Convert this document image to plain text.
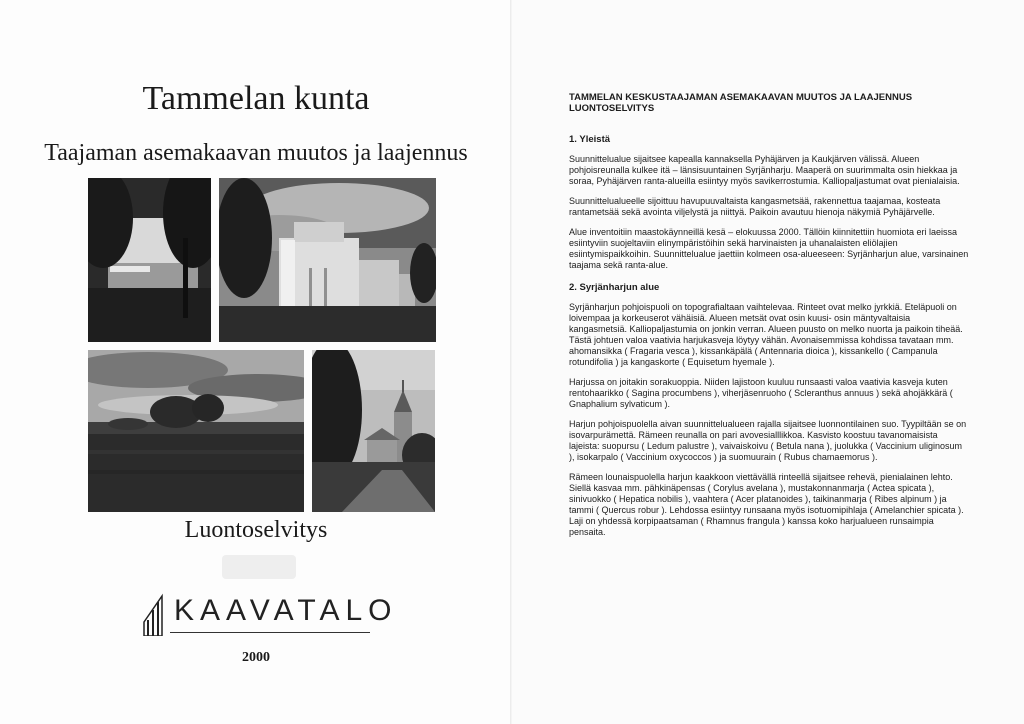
Tammelan kunta
Taajaman asemakaavan muutos ja laajennus
Luontoselvitys
KAAVATALO
2000
TAMMELAN KESKUSTAAJAMAN ASEMAKAAVAN MUUTOS JA LAAJENNUS LUONTOSELVITYS
1. Yleistä

Suunnittelualue sijaitsee kapealla kannaksella Pyhäjärven ja Kaukjärven välissä. Alueen pohjoisreunalla kulkee itä – länsisuuntainen Syrjänharju. Maaperä on suurimmalta osin hiekkaa ja soraa, Pyhäjärven ranta-alueilla esiintyy myös savikerrostumia. Kalliopaljastumat ovat pienialaisia.

Suunnittelualueelle sijoittuu havupuuvaltaista kangasmetsää, rakennettua taajamaa, kosteata rantametsää sekä avointa viljelystä ja niittyä. Paikoin avautuu hienoja näkymiä Pyhäjärvelle.

Alue inventoitiin maastokäynneillä kesä – elokuussa 2000. Tällöin kiinnitettiin huomiota eri laeissa esiintyviin suojeltaviin elinympäristöihin sekä harvinaisten ja uhanalaisten eliölajien esiintymispaikkoihin. Suunnittelualue jaettiin kolmeen osa-alueeseen: Syrjänharjun alue, varsinainen taajama sekä ranta-alue.

2. Syrjänharjun alue

Syrjänharjun pohjoispuoli on topografialtaan vaihtelevaa. Rinteet ovat melko jyrkkiä. Eteläpuoli on loivempaa ja korkeuserot vähäisiä. Alueen metsät ovat osin kuusi- osin mäntyvaltaisia kangasmetsiä. Kalliopaljastumia on jonkin verran. Alueen puusto on melko nuorta ja paikoin tiheää. Tästä johtuen valoa vaativia harjukasveja löytyy vähän. Avonaisemmissa kohdissa tavataan mm. ahomansikka ( Fragaria vesca ), kissankäpälä ( Antennaria dioica ), kissankello ( Campanula rotundifolia ) ja kangaskorte ( Equisetum hyemale ).

Harjussa on joitakin sorakuoppia. Niiden lajistoon kuuluu runsaasti valoa vaativia kasveja kuten rentohaarikko ( Sagina procumbens ), viherjäsenruoho ( Scleranthus annuus ) sekä ahojäkkärä ( Gnaphalium sylvaticum ).

Harjun pohjoispuolella aivan suunnittelualueen rajalla sijaitsee luonnontilainen suo. Tyypiltään se on isovarpurämettä. Rämeen reunalla on pari avovesialllikkoa. Kasvisto koostuu tavanomaisista lajeista: suopursu ( Ledum palustre ), vaivaiskoivu ( Betula nana ), juolukka ( Vaccinium uliginosum ), isokarpalo ( Vaccinium oxycoccos ) ja suomuurain ( Rubus chamaemorus ).

Rämeen lounaispuolella harjun kaakkoon viettävällä rinteellä sijaitsee rehevä, pienialainen lehto. Siellä kasvaa mm. pähkinäpensas ( Corylus avelana ), mustakonnanmarja ( Actea spicata ), sinivuokko ( Hepatica nobilis ), vaahtera ( Acer platanoides ), taikinanmarja ( Ribes alpinum ) ja tammi ( Quercus robur ). Lehdossa esiintyy runsaana myös isotuomipihlaja ( Amelanchier spicata ). Laji on yhdessä korpipaatsaman ( Rhamnus frangula ) kanssa koko harjualueen runsaimpia pensaita.
